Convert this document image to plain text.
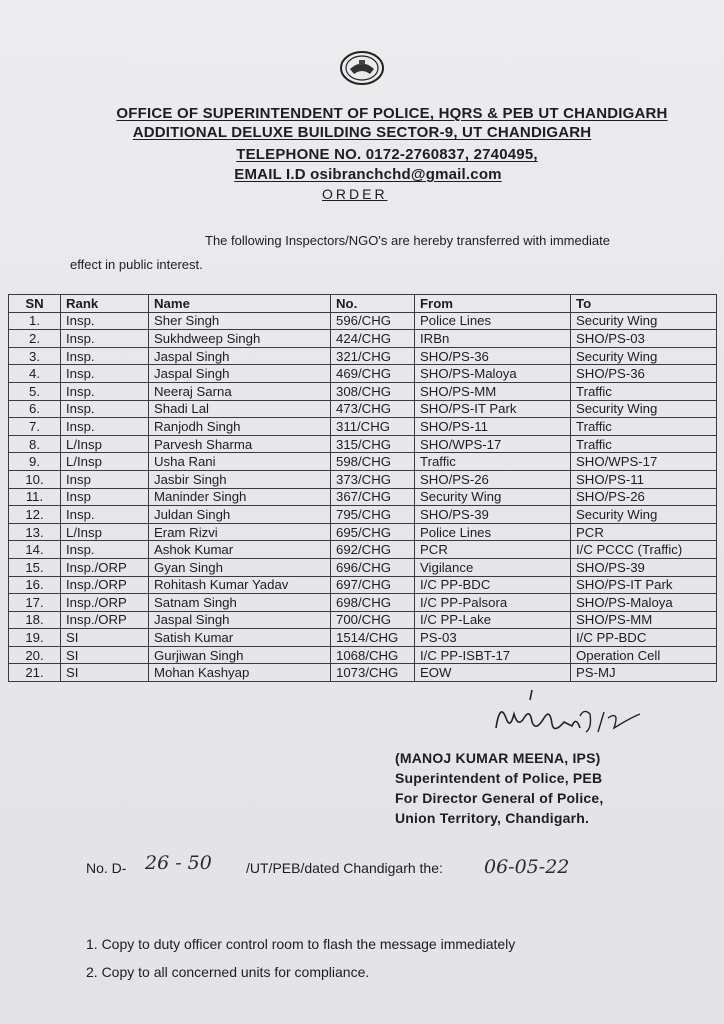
OFFICE OF SUPERINTENDENT OF POLICE, HQRS & PEB UT CHANDIGARH
ADDITIONAL DELUXE BUILDING SECTOR-9, UT CHANDIGARH
TELEPHONE NO. 0172-2760837, 2740495,
EMAIL I.D osibranchchd@gmail.com
ORDER
The following Inspectors/NGO's are hereby transferred with immediate
effect in public interest.
SN	Rank	Name	No.	From	To
1.	Insp.	Sher Singh	596/CHG	Police Lines	Security Wing
2.	Insp.	Sukhdweep Singh	424/CHG	IRBn	SHO/PS-03
3.	Insp.	Jaspal Singh	321/CHG	SHO/PS-36	Security Wing
4.	Insp.	Jaspal Singh	469/CHG	SHO/PS-Maloya	SHO/PS-36
5.	Insp.	Neeraj Sarna	308/CHG	SHO/PS-MM	Traffic
6.	Insp.	Shadi Lal	473/CHG	SHO/PS-IT Park	Security Wing
7.	Insp.	Ranjodh Singh	311/CHG	SHO/PS-11	Traffic
8.	L/Insp	Parvesh Sharma	315/CHG	SHO/WPS-17	Traffic
9.	L/Insp	Usha Rani	598/CHG	Traffic	SHO/WPS-17
10.	Insp	Jasbir Singh	373/CHG	SHO/PS-26	SHO/PS-11
11.	Insp	Maninder Singh	367/CHG	Security Wing	SHO/PS-26
12.	Insp.	Juldan Singh	795/CHG	SHO/PS-39	Security Wing
13.	L/Insp	Eram Rizvi	695/CHG	Police Lines	PCR
14.	Insp.	Ashok Kumar	692/CHG	PCR	I/C PCCC (Traffic)
15.	Insp./ORP	Gyan Singh	696/CHG	Vigilance	SHO/PS-39
16.	Insp./ORP	Rohitash Kumar Yadav	697/CHG	I/C PP-BDC	SHO/PS-IT Park
17.	Insp./ORP	Satnam Singh	698/CHG	I/C PP-Palsora	SHO/PS-Maloya
18.	Insp./ORP	Jaspal Singh	700/CHG	I/C PP-Lake	SHO/PS-MM
19.	SI	Satish Kumar	1514/CHG	PS-03	I/C PP-BDC
20.	SI	Gurjiwan Singh	1068/CHG	I/C PP-ISBT-17	Operation Cell
21.	SI	Mohan Kashyap	1073/CHG	EOW	PS-MJ
(MANOJ KUMAR MEENA, IPS)
Superintendent of Police, PEB
For Director General of Police,
Union Territory, Chandigarh.
No. D- 26 - 50 /UT/PEB/dated Chandigarh the: 06-05-22
1. Copy to duty officer control room to flash the message immediately
2. Copy to all concerned units for compliance.
